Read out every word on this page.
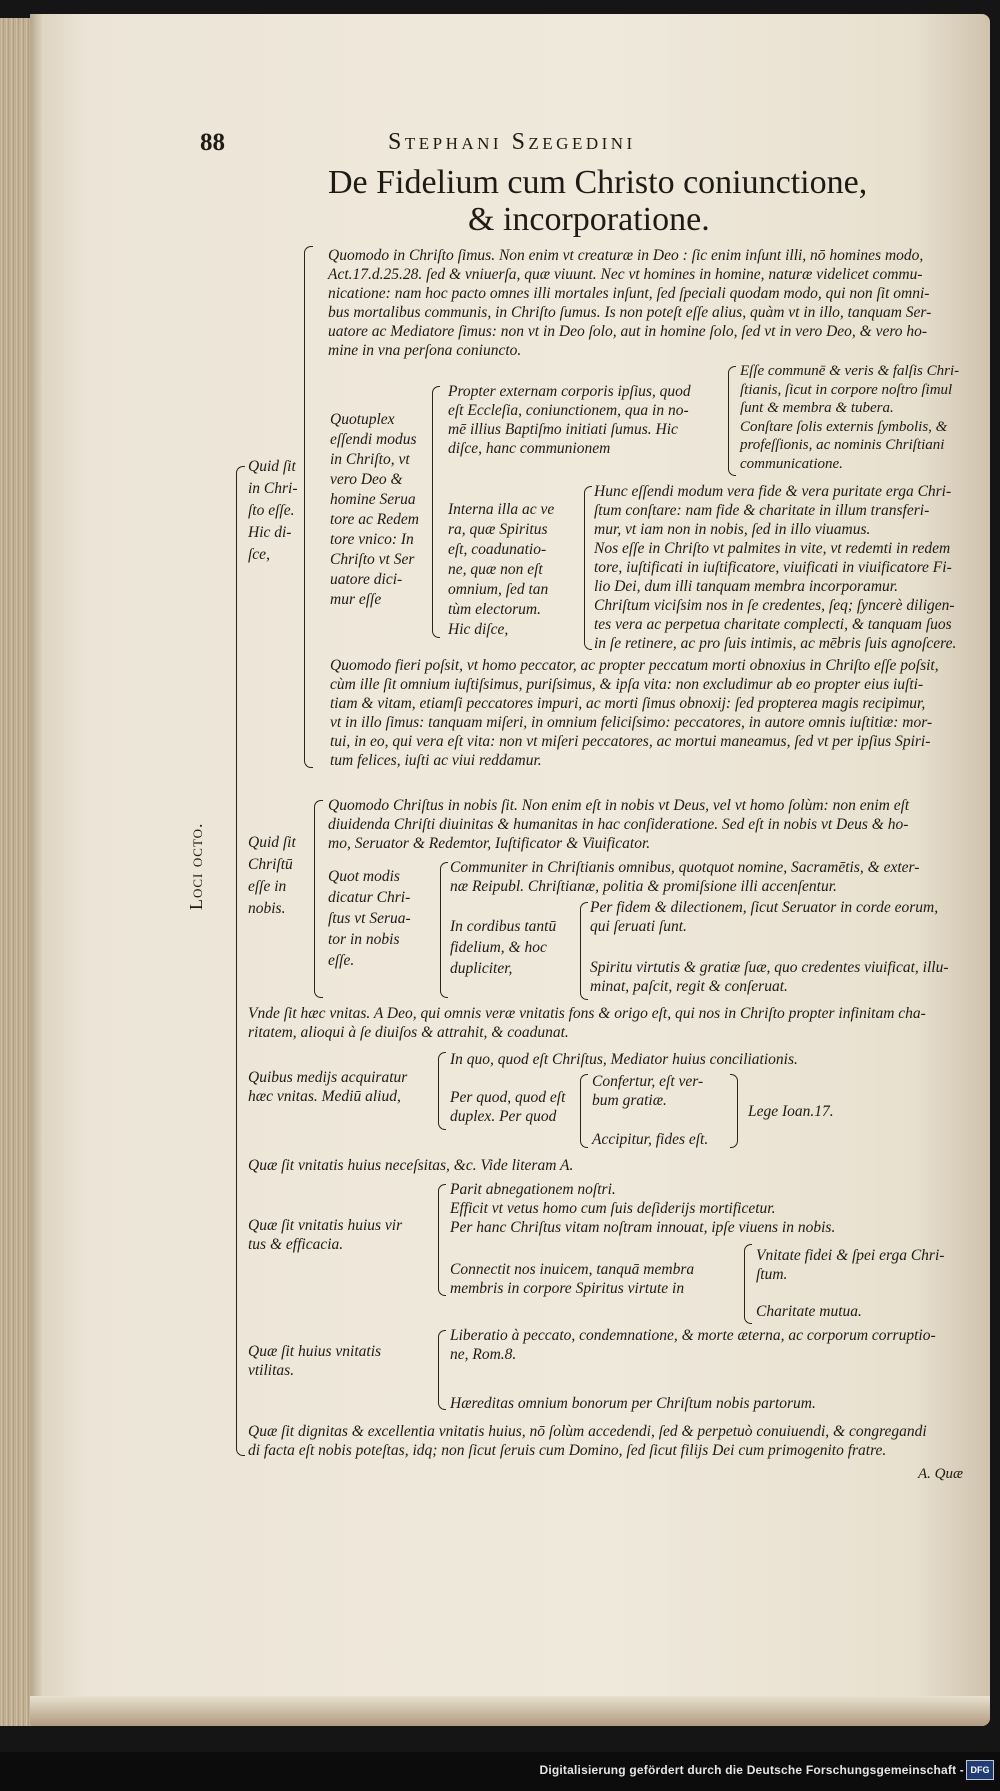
88	Stephani Szegedini
De Fidelium cum Christo coniunctione,
& incorporatione.
Loci octo.
Quid ſit
in Chri-
ſto eſſe.
Hic di-
ſce,
Quomodo in Chriſto ſimus. Non enim vt creaturæ in Deo : ſic enim inſunt illi, nō homines modo,
Act.17.d.25.28. ſed & vniuerſa, quæ viuunt. Nec vt homines in homine, naturæ videlicet commu-
nicatione: nam hoc pacto omnes illi mortales inſunt, ſed ſpeciali quodam modo, qui non ſit omni-
bus mortalibus communis, in Chriſto ſumus. Is non poteſt eſſe alius, quàm vt in illo, tanquam Ser-
uatore ac Mediatore ſimus: non vt in Deo ſolo, aut in homine ſolo, ſed vt in vero Deo, & vero ho-
mine in vna perſona coniuncto.
Quotuplex
eſſendi modus
in Chriſto, vt
vero Deo &
homine Serua
tore ac Redem
tore vnico: In
Chriſto vt Ser
uatore dici-
mur eſſe
Propter externam corporis ipſius, quod
eſt Eccleſia, coniunctionem, qua in no-
mē illius Baptiſmo initiati ſumus. Hic
diſce, hanc communionem
Eſſe communē & veris & falſis Chri-
ſtianis, ſicut in corpore noſtro ſimul
ſunt & membra & tubera.
Conſtare ſolis externis ſymbolis, &
profeſſionis, ac nominis Chriſtiani
communicatione.
Interna illa ac ve
ra, quæ Spiritus
eſt, coadunatio-
ne, quæ non eſt
omnium, ſed tan
tùm electorum.
Hic diſce,
Hunc eſſendi modum vera fide & vera puritate erga Chri-
ſtum conſtare: nam fide & charitate in illum transferi-
mur, vt iam non in nobis, ſed in illo viuamus.
Nos eſſe in Chriſto vt palmites in vite, vt redemti in redem
tore, iuſtificati in iuſtificatore, viuificati in viuificatore Fi-
lio Dei, dum illi tanquam membra incorporamur.
Chriſtum viciſsim nos in ſe credentes, ſeq; ſyncerè diligen-
tes vera ac perpetua charitate complecti, & tanquam ſuos
in ſe retinere, ac pro ſuis intimis, ac mēbris ſuis agnoſcere.
Quomodo fieri poſsit, vt homo peccator, ac propter peccatum morti obnoxius in Chriſto eſſe poſsit,
cùm ille ſit omnium iuſtiſsimus, puriſsimus, & ipſa vita: non excludimur ab eo propter eius iuſti-
tiam & vitam, etiamſi peccatores impuri, ac morti ſimus obnoxij: ſed propterea magis recipimur,
vt in illo ſimus: tanquam miſeri, in omnium feliciſsimo: peccatores, in autore omnis iuſtitiæ: mor-
tui, in eo, qui vera eſt vita: non vt miſeri peccatores, ac mortui maneamus, ſed vt per ipſius Spiri-
tum felices, iuſti ac viui reddamur.
Quid ſit
Chriſtū
eſſe in
nobis.
Quomodo Chriſtus in nobis ſit. Non enim eſt in nobis vt Deus, vel vt homo ſolùm: non enim eſt
diuidenda Chriſti diuinitas & humanitas in hac conſideratione. Sed eſt in nobis vt Deus & ho-
mo, Seruator & Redemtor, Iuſtificator & Viuificator.
Quot modis
dicatur Chri-
ſtus vt Serua-
tor in nobis
eſſe.
Communiter in Chriſtianis omnibus, quotquot nomine, Sacramētis, & exter-
næ Reipubl. Chriſtianæ, politia & promiſsione illi accenſentur.
In cordibus tantū
fidelium, & hoc
dupliciter,
Per fidem & dilectionem, ſicut Seruator in corde eorum,
qui ſeruati ſunt.
Spiritu virtutis & gratiæ ſuæ, quo credentes viuificat, illu-
minat, paſcit, regit & conſeruat.
Vnde ſit hæc vnitas. A Deo, qui omnis veræ vnitatis fons & origo eſt, qui nos in Chriſto propter infinitam cha-
ritatem, alioqui à ſe diuiſos & attrahit, & coadunat.
Quibus medijs acquiratur
hæc vnitas. Mediū aliud,
In quo, quod eſt Chriſtus, Mediator huius conciliationis.
Per quod, quod eſt
duplex. Per quod
Confertur, eſt ver-
bum gratiæ.
Accipitur, fides eſt.
Lege Ioan.17.
Quæ ſit vnitatis huius neceſsitas, &c. Vide literam A.
Quæ ſit vnitatis huius vir
tus & efficacia.
Parit abnegationem noſtri.
Efficit vt vetus homo cum ſuis deſiderijs mortificetur.
Per hanc Chriſtus vitam noſtram innouat, ipſe viuens in nobis.
Connectit nos inuicem, tanquā membra
membris in corpore Spiritus virtute in
Vnitate fidei & ſpei erga Chri-
ſtum.
Charitate mutua.
Quæ ſit huius vnitatis
vtilitas.
Liberatio à peccato, condemnatione, & morte æterna, ac corporum corruptio-
ne, Rom.8.
Hæreditas omnium bonorum per Chriſtum nobis partorum.
Quæ ſit dignitas & excellentia vnitatis huius, nō ſolùm accedendi, ſed & perpetuò conuiuendi, & congregandi
di facta eſt nobis poteſtas, idq; non ſicut ſeruis cum Domino, ſed ſicut filijs Dei cum primogenito fratre.
A. Quæ
Digitalisierung gefördert durch die Deutsche Forschungsgemeinschaft - DFG
